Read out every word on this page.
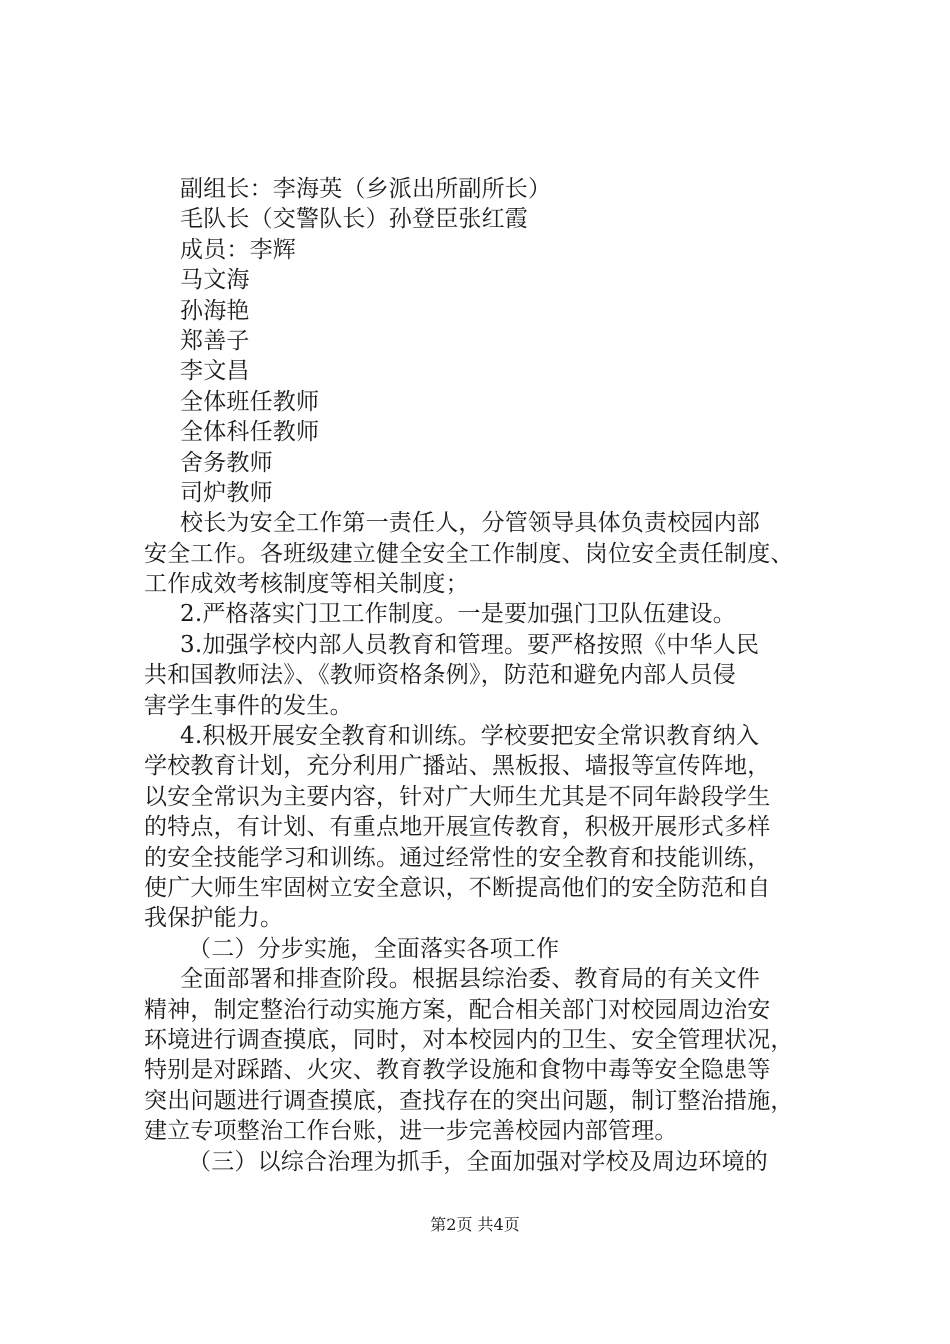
副组长：李海英（乡派出所副所长）
毛队长（交警队长）孙登臣张红霞
成员：李辉
马文海
孙海艳
郑善子
李文昌
全体班任教师
全体科任教师
舍务教师
司炉教师
校长为安全工作第一责任人，分管领导具体负责校园内部
安全工作。各班级建立健全安全工作制度、岗位安全责任制度、
工作成效考核制度等相关制度；
2.严格落实门卫工作制度。一是要加强门卫队伍建设。
3.加强学校内部人员教育和管理。要严格按照《中华人民
共和国教师法》、《教师资格条例》，防范和避免内部人员侵
害学生事件的发生。
4.积极开展安全教育和训练。学校要把安全常识教育纳入
学校教育计划，充分利用广播站、黑板报、墙报等宣传阵地，
以安全常识为主要内容，针对广大师生尤其是不同年龄段学生
的特点，有计划、有重点地开展宣传教育，积极开展形式多样
的安全技能学习和训练。通过经常性的安全教育和技能训练，
使广大师生牢固树立安全意识，不断提高他们的安全防范和自
我保护能力。
（二）分步实施，全面落实各项工作
全面部署和排查阶段。根据县综治委、教育局的有关文件
精神，制定整治行动实施方案，配合相关部门对校园周边治安
环境进行调查摸底，同时，对本校园内的卫生、安全管理状况，
特别是对踩踏、火灾、教育教学设施和食物中毒等安全隐患等
突出问题进行调查摸底，查找存在的突出问题，制订整治措施，
建立专项整治工作台账，进一步完善校园内部管理。
（三）以综合治理为抓手，全面加强对学校及周边环境的
第2页 共4页
